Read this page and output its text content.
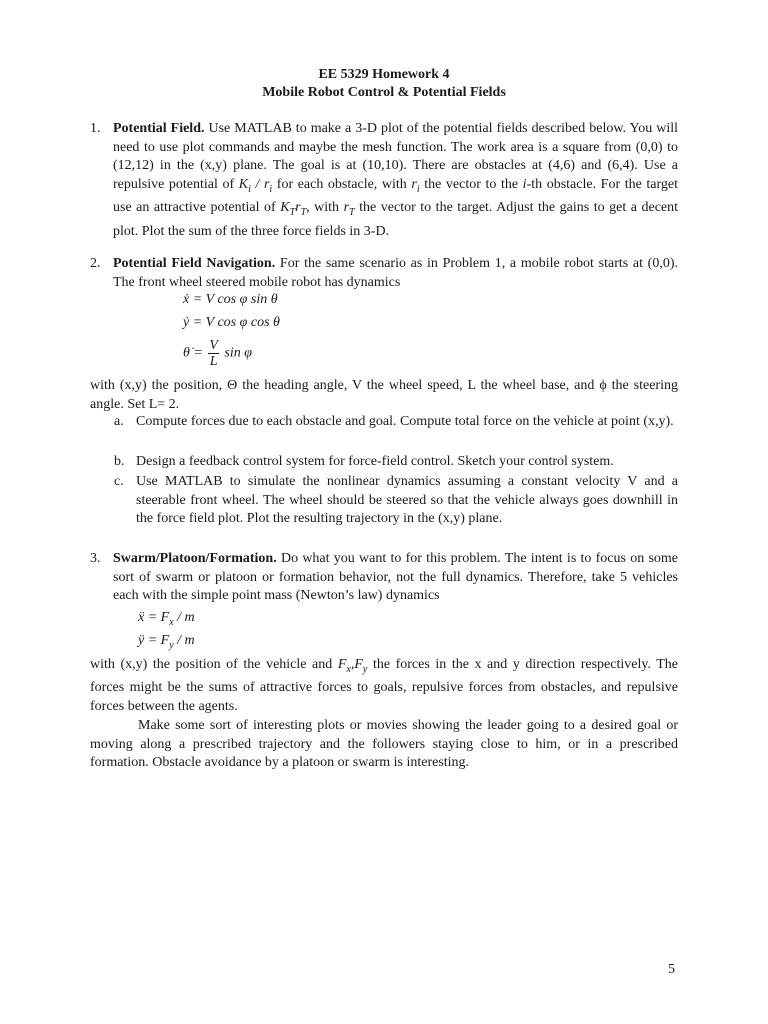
EE 5329 Homework 4
Mobile Robot Control & Potential Fields
1. Potential Field. Use MATLAB to make a 3-D plot of the potential fields described below. You will need to use plot commands and maybe the mesh function. The work area is a square from (0,0) to (12,12) in the (x,y) plane. The goal is at (10,10). There are obstacles at (4,6) and (6,4). Use a repulsive potential of $K_i / r_i$ for each obstacle, with $r_i$ the vector to the i-th obstacle. For the target use an attractive potential of $K_Tr_T$, with $r_T$ the vector to the target. Adjust the gains to get a decent plot. Plot the sum of the three force fields in 3-D.
2. Potential Field Navigation. For the same scenario as in Problem 1, a mobile robot starts at (0,0). The front wheel steered mobile robot has dynamics
ẋ = V cos φ sin θ
ẏ = V cos φ cos θ
θ̇ = $\frac{V}{L}$ sin φ
with (x,y) the position, Θ the heading angle, V the wheel speed, L the wheel base, and ϕ the steering angle. Set L= 2.
a. Compute forces due to each obstacle and goal. Compute total force on the vehicle at point (x,y).
b. Design a feedback control system for force-field control. Sketch your control system.
c. Use MATLAB to simulate the nonlinear dynamics assuming a constant velocity V and a steerable front wheel. The wheel should be steered so that the vehicle always goes downhill in the force field plot. Plot the resulting trajectory in the (x,y) plane.
3. Swarm/Platoon/Formation. Do what you want to for this problem. The intent is to focus on some sort of swarm or platoon or formation behavior, not the full dynamics. Therefore, take 5 vehicles each with the simple point mass (Newton’s law) dynamics
ẍ = $F_x$ / m
ÿ = $F_y$ / m
with (x,y) the position of the vehicle and $F_x,F_y$ the forces in the x and y direction respectively. The forces might be the sums of attractive forces to goals, repulsive forces from obstacles, and repulsive forces between the agents.
Make some sort of interesting plots or movies showing the leader going to a desired goal or moving along a prescribed trajectory and the followers staying close to him, or in a prescribed formation. Obstacle avoidance by a platoon or swarm is interesting.
5
